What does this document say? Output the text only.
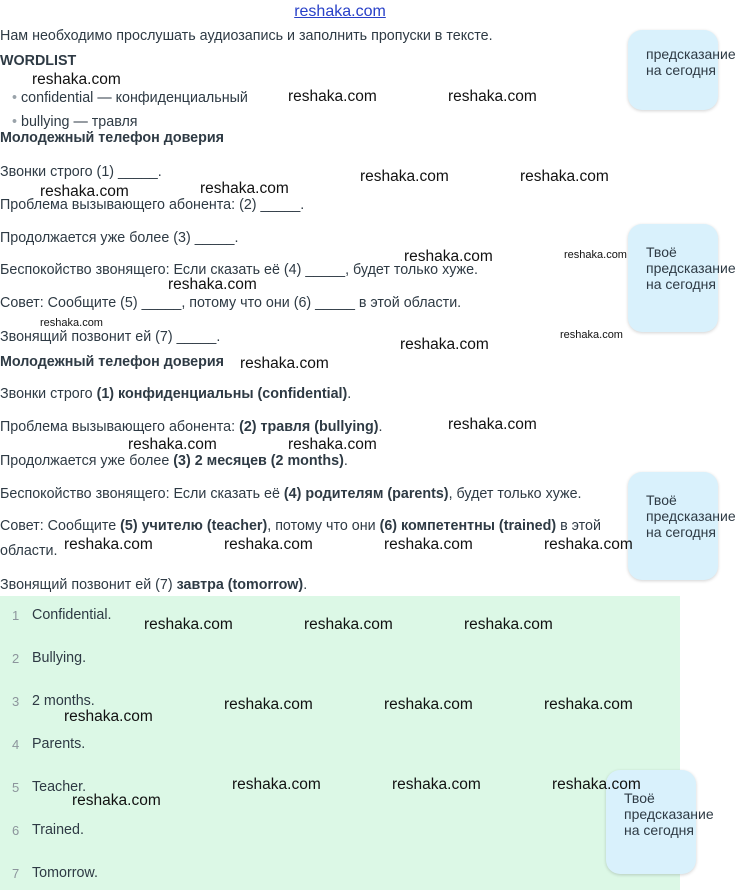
reshaka.com
Нам необходимо прослушать аудиозапись и заполнить пропуски в тексте.
WORDLIST
• confidential — конфиденциальный
• bullying — травля
Молодежный телефон доверия
Звонки строго (1) _____.
Проблема вызывающего абонента: (2) _____.
Продолжается уже более (3) _____.
Беспокойство звонящего: Если сказать её (4) _____, будет только хуже.
Совет: Сообщите (5) _____, потому что они (6) _____ в этой области.
Звонящий позвонит ей (7) _____.
Молодежный телефон доверия
Звонки строго (1) конфиденциальны (confidential).
Проблема вызывающего абонента: (2) травля (bullying).
Продолжается уже более (3) 2 месяцев (2 months).
Беспокойство звонящего: Если сказать её (4) родителям (parents), будет только хуже.
Совет: Сообщите (5) учителю (teacher), потому что они (6) компетентны (trained) в этой
области.
Звонящий позвонит ей (7) завтра (tomorrow).
1 Confidential.
2 Bullying.
3 2 months.
4 Parents.
5 Teacher.
6 Trained.
7 Tomorrow.
предсказание
на сегодня
Твоё
предсказание
на сегодня
Твоё
предсказание
на сегодня
Твоё
предсказание
на сегодня
reshaka.com
reshaka.com	reshaka.com
reshaka.com	reshaka.com
reshaka.com	reshaka.com
reshaka.com	reshaka.com
reshaka.com
reshaka.com
reshaka.com
reshaka.com
reshaka.com
reshaka.com
reshaka.com	reshaka.com
reshaka.com	reshaka.com	reshaka.com	reshaka.com
reshaka.com	reshaka.com	reshaka.com
reshaka.com	reshaka.com	reshaka.com
reshaka.com
reshaka.com	reshaka.com	reshaka.com
reshaka.com
